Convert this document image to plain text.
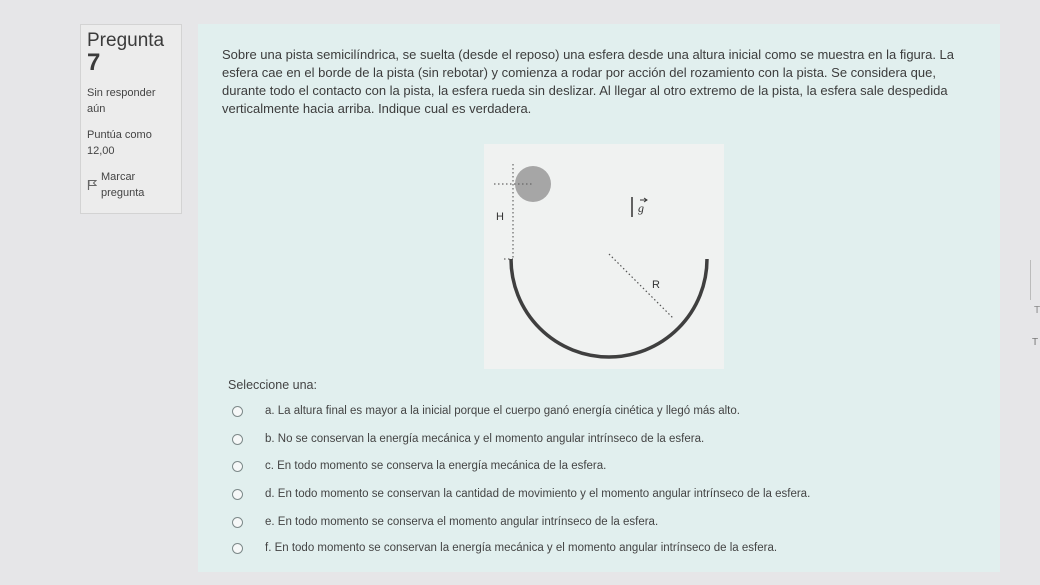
Pregunta
7
Sin responder aún
Puntúa como
12,00
Marcar pregunta
Sobre una pista semicilíndrica, se suelta (desde el reposo) una esfera desde una altura inicial como se muestra en la figura. La esfera cae en el borde de la pista (sin rebotar) y comienza a rodar por acción del rozamiento con la pista. Se considera que, durante todo el contacto con la pista, la esfera rueda sin deslizar. Al llegar al otro extremo de la pista, la esfera sale despedida verticalmente hacia arriba. Indique cual es verdadera.
H
g
R
Seleccione una:
a. La altura final es mayor a la inicial porque el cuerpo ganó energía cinética y llegó más alto.
b. No se conservan la energía mecánica y el momento angular intrínseco de la esfera.
c. En todo momento se conserva la energía mecánica de la esfera.
d. En todo momento se conservan la cantidad de movimiento y el momento angular intrínseco de la esfera.
e. En todo momento se conserva el momento angular intrínseco de la esfera.
f. En todo momento se conservan la energía mecánica y el momento angular intrínseco de la esfera.
T
T
